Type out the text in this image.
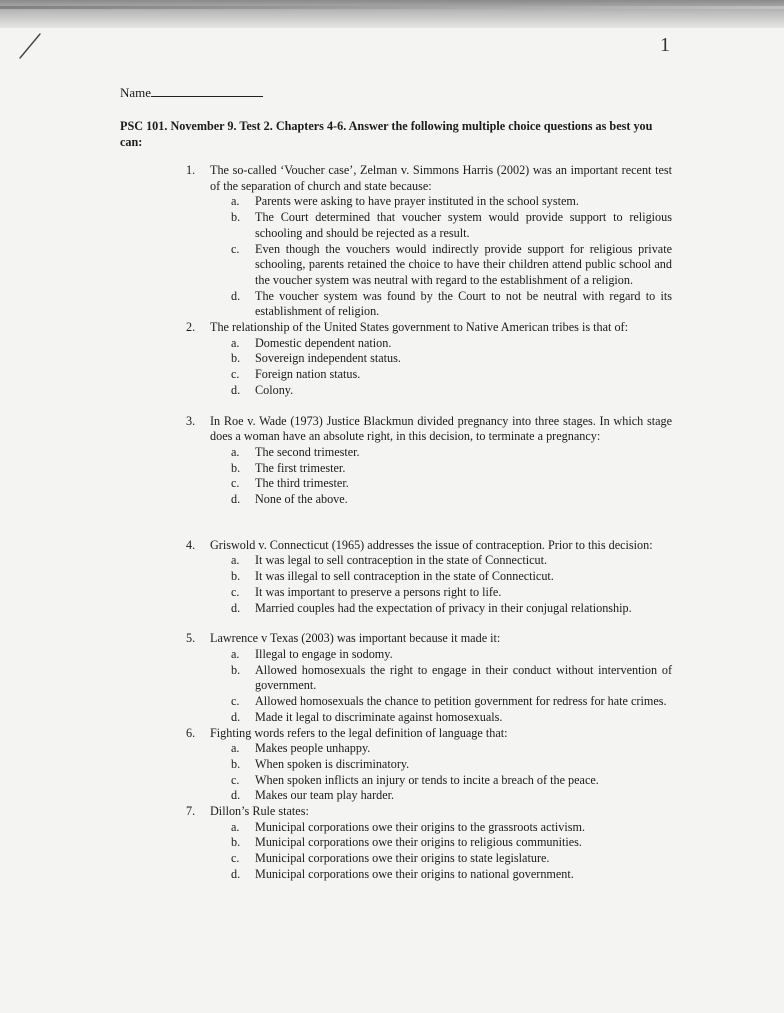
1
Name
PSC 101. November 9. Test 2. Chapters 4-6. Answer the following multiple choice questions as best you can:
1. The so-called ‘Voucher case’, Zelman v. Simmons Harris (2002) was an important recent test of the separation of church and state because:
a. Parents were asking to have prayer instituted in the school system.
b. The Court determined that voucher system would provide support to religious schooling and should be rejected as a result.
c. Even though the vouchers would indirectly provide support for religious private schooling, parents retained the choice to have their children attend public school and the voucher system was neutral with regard to the establishment of a religion.
d. The voucher system was found by the Court to not be neutral with regard to its establishment of religion.
2. The relationship of the United States government to Native American tribes is that of:
a. Domestic dependent nation.
b. Sovereign independent status.
c. Foreign nation status.
d. Colony.
3. In Roe v. Wade (1973) Justice Blackmun divided pregnancy into three stages. In which stage does a woman have an absolute right, in this decision, to terminate a pregnancy:
a. The second trimester.
b. The first trimester.
c. The third trimester.
d. None of the above.
4. Griswold v. Connecticut (1965) addresses the issue of contraception. Prior to this decision:
a. It was legal to sell contraception in the state of Connecticut.
b. It was illegal to sell contraception in the state of Connecticut.
c. It was important to preserve a persons right to life.
d. Married couples had the expectation of privacy in their conjugal relationship.
5. Lawrence v Texas (2003) was important because it made it:
a. Illegal to engage in sodomy.
b. Allowed homosexuals the right to engage in their conduct without intervention of government.
c. Allowed homosexuals the chance to petition government for redress for hate crimes.
d. Made it legal to discriminate against homosexuals.
6. Fighting words refers to the legal definition of language that:
a. Makes people unhappy.
b. When spoken is discriminatory.
c. When spoken inflicts an injury or tends to incite a breach of the peace.
d. Makes our team play harder.
7. Dillon’s Rule states:
a. Municipal corporations owe their origins to the grassroots activism.
b. Municipal corporations owe their origins to religious communities.
c. Municipal corporations owe their origins to state legislature.
d. Municipal corporations owe their origins to national government.
